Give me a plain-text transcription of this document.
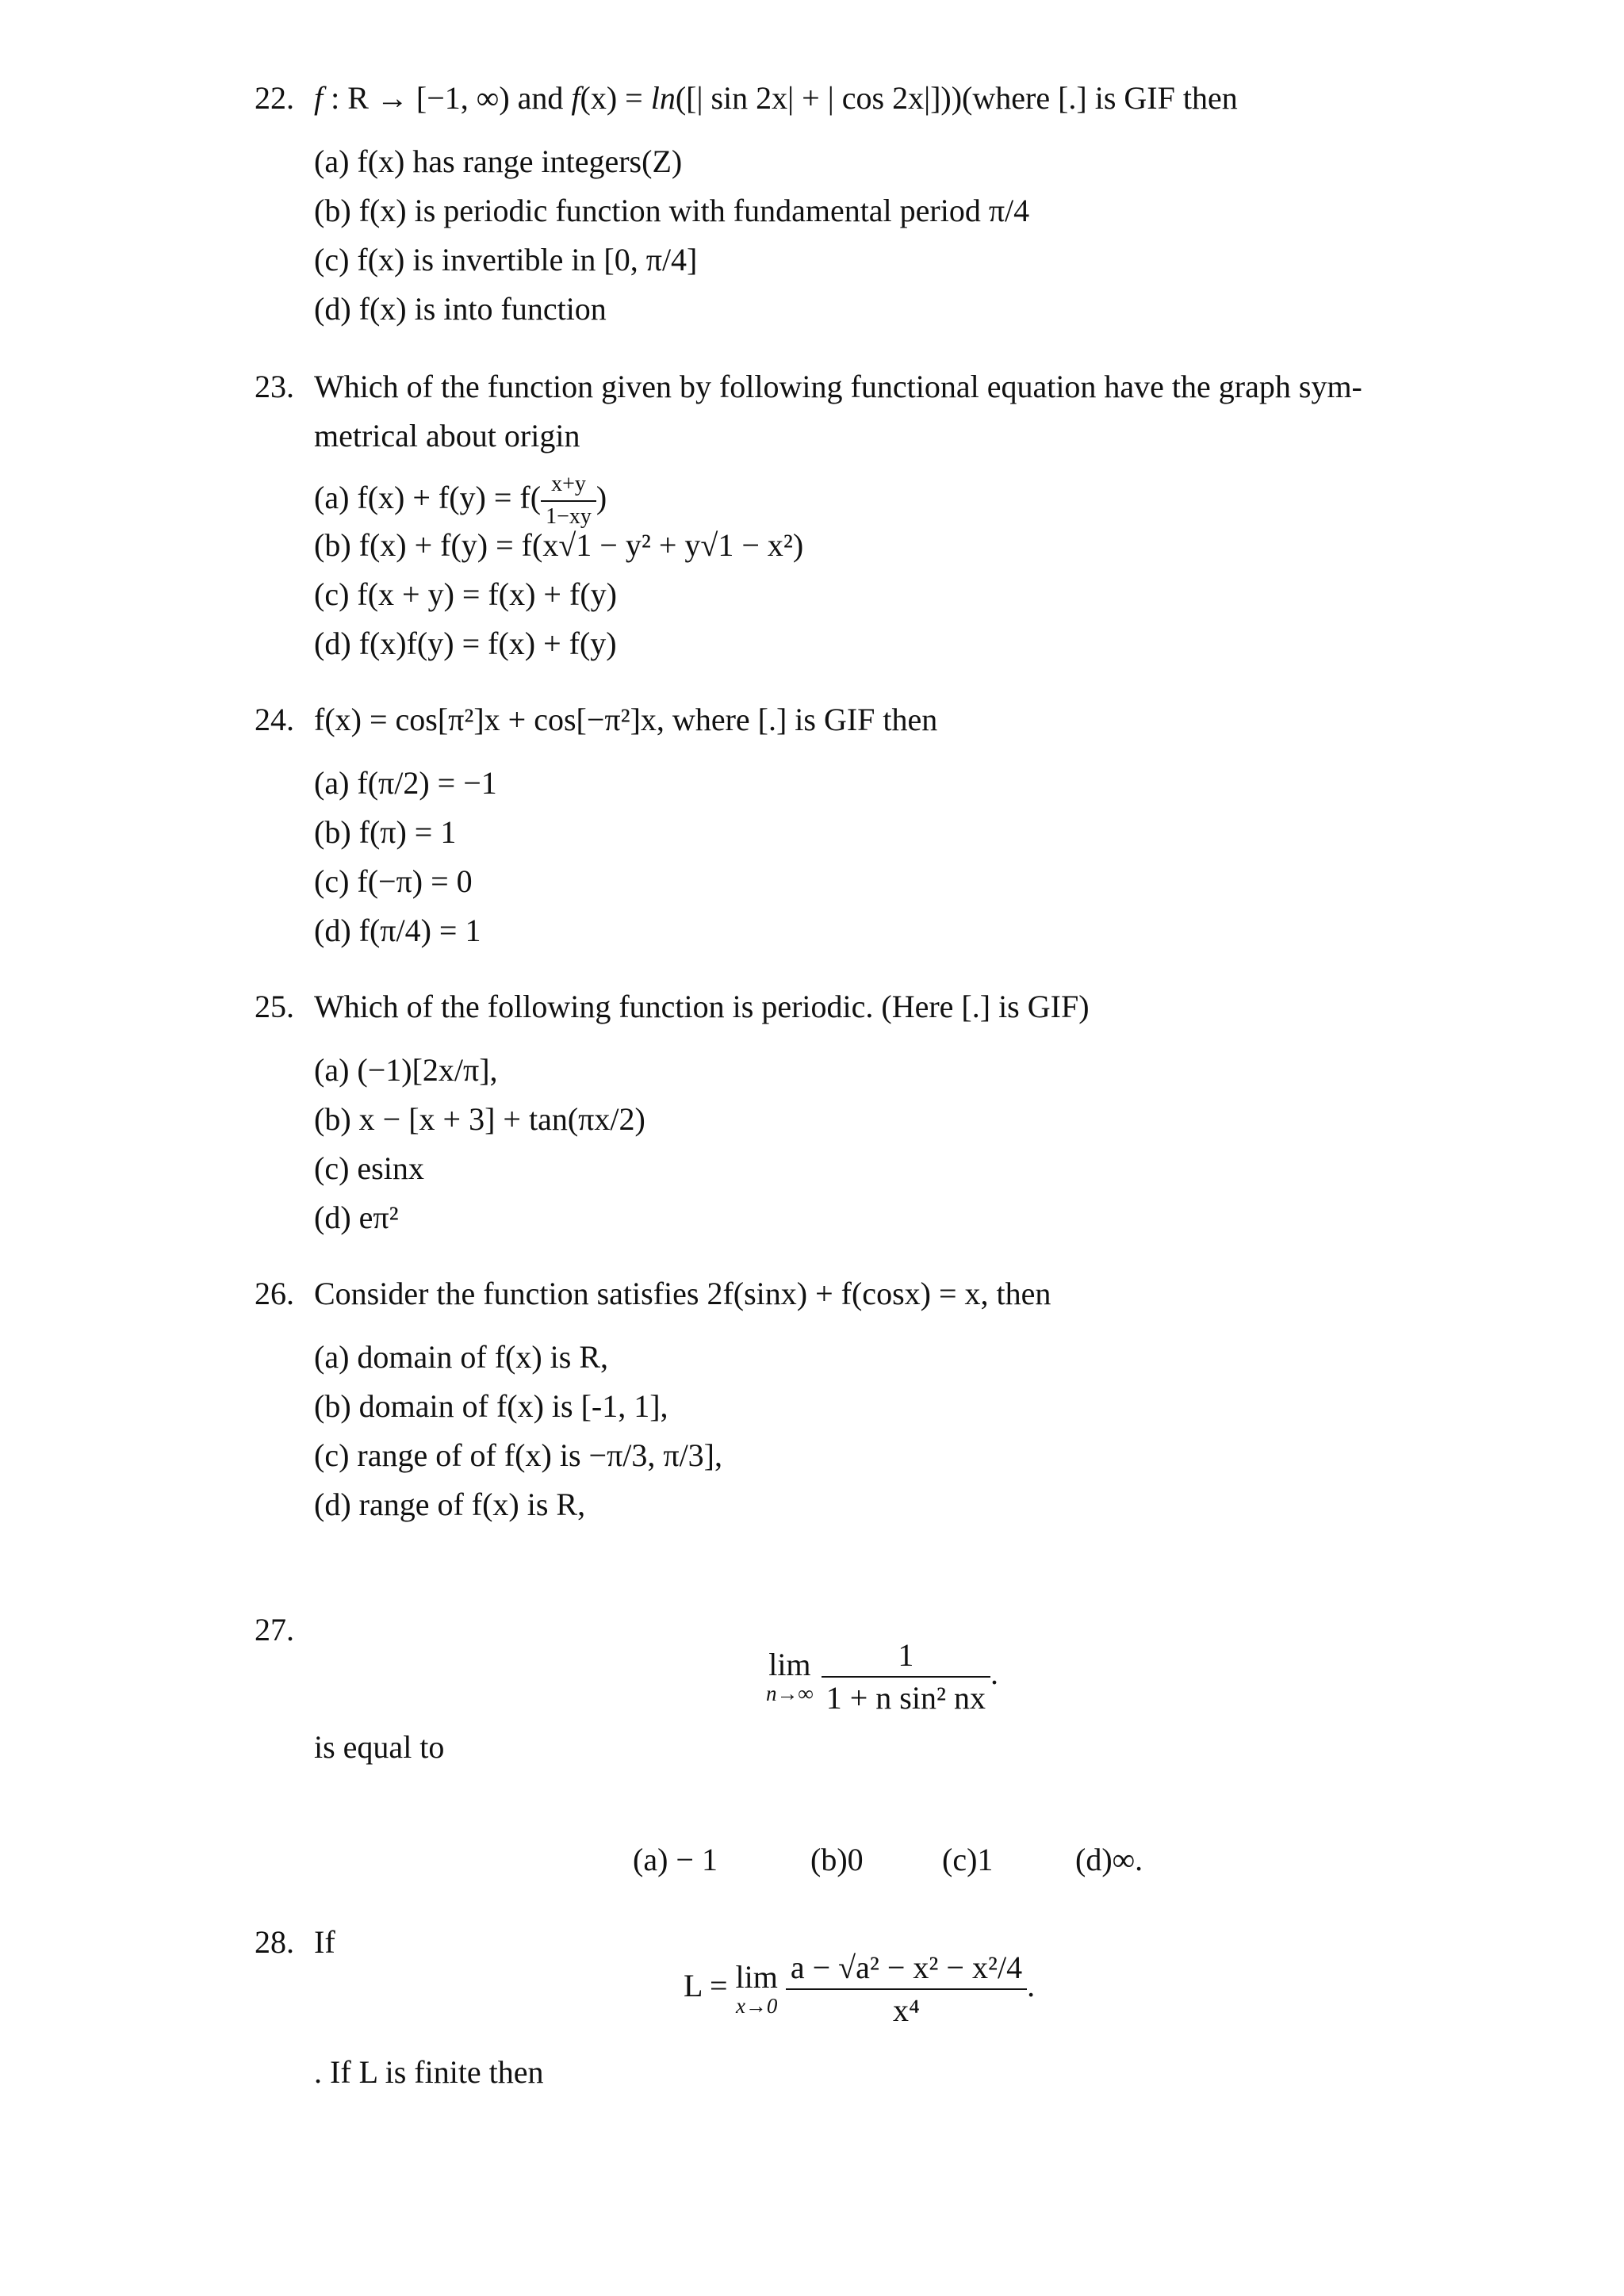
22. f : R → [−1, ∞) and f(x) = ln([| sin 2x| + | cos 2x|]))(where [.] is GIF then
(a) f(x) has range integers(Z)
(b) f(x) is periodic function with fundamental period π/4
(c) f(x) is invertible in [0, π/4]
(d) f(x) is into function
23. Which of the function given by following functional equation have the graph sym-
metrical about origin
(a) $f(x) + f(y) = f( \frac{x+y}{1-xy}$ )
(b) f(x) + f(y) = f(x√1 − y² + y√1 − x²)
(c) f(x + y) = f(x) + f(y)
(d) f(x)f(y) = f(x) + f(y)
24. f(x) = cos[π²]x + cos[−π²]x, where [.] is GIF then
(a) f(π/2) = −1
(b) f(π) = 1
(c) f(−π) = 0
(d) f(π/4) = 1
25. Which of the following function is periodic. (Here [.] is GIF)
(a) (−1)[2x/π],
(b) x − [x + 3] + tan(πx/2)
(c) esinx
(d) eπ²
26. Consider the function satisfies 2f(sinx) + f(cosx) = x, then
(a) domain of f(x) is R,
(b) domain of f(x) is [-1, 1],
(c) range of of f(x) is −π/3, π/3],
(d) range of f(x) is R,
27.
lim
n→∞
$\frac{1}{\text{1 + n sin² nx}}$ .
is equal to
(a) − 1	(b)0 (c)1	(d)∞.
28. If
L = lim
x→0
$\frac{\text{a − √a² − x² − x²/4}}{\text{x⁴}}$ .
. If L is finite then
